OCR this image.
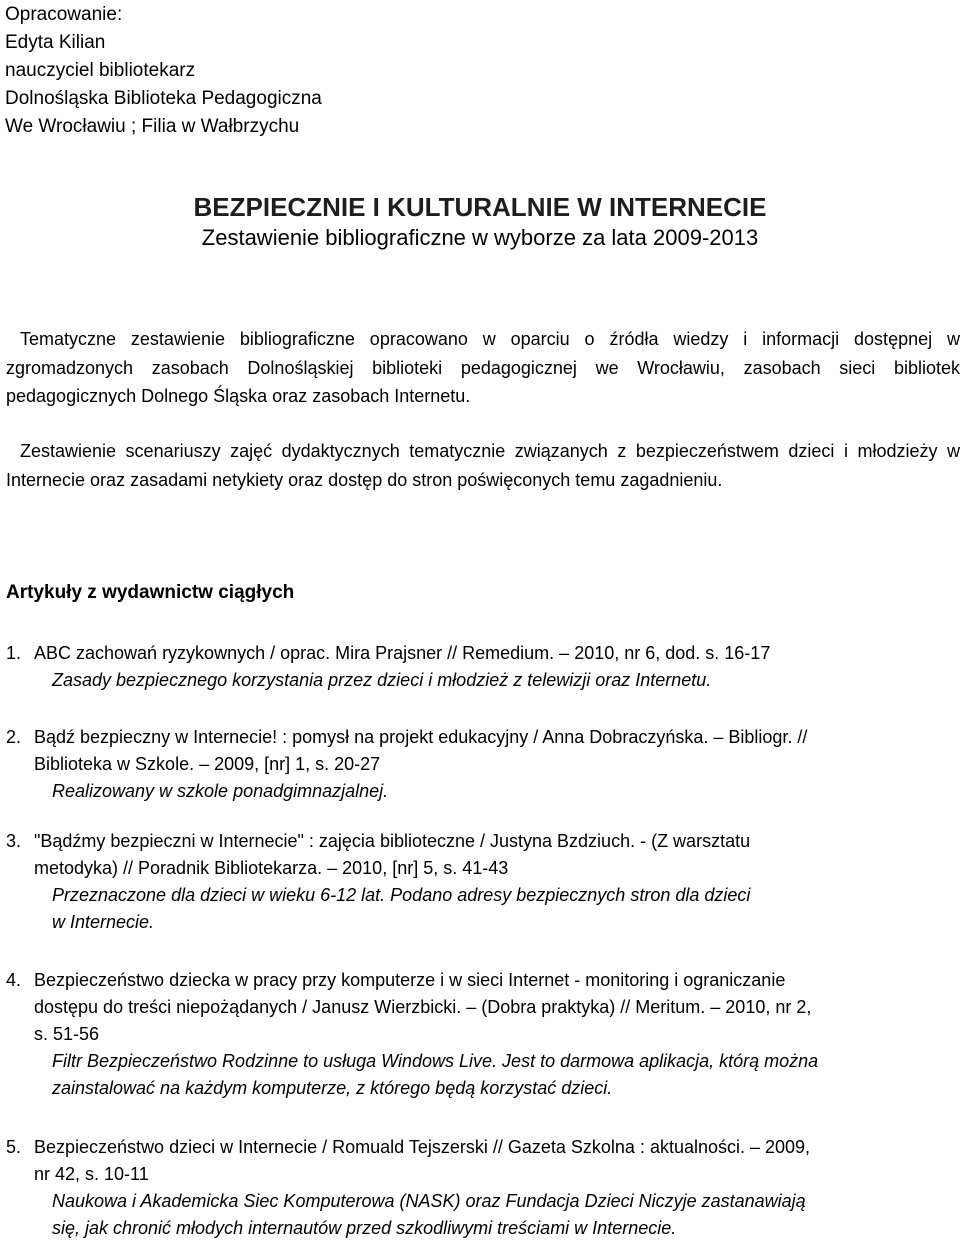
Opracowanie:
Edyta Kilian
nauczyciel bibliotekarz
Dolnośląska Biblioteka Pedagogiczna
We Wrocławiu ; Filia w Wałbrzychu
BEZPIECZNIE I KULTURALNIE W INTERNECIE
Zestawienie bibliograficzne w wyborze za lata 2009-2013
Tematyczne zestawienie bibliograficzne opracowano w oparciu o źródła wiedzy i informacji dostępnej w zgromadzonych zasobach Dolnośląskiej biblioteki pedagogicznej we Wrocławiu, zasobach sieci bibliotek pedagogicznych Dolnego Śląska oraz zasobach Internetu.
Zestawienie scenariuszy zajęć dydaktycznych tematycznie związanych z bezpieczeństwem dzieci i młodzieży w Internecie oraz zasadami netykiety oraz dostęp do stron poświęconych temu zagadnieniu.
Artykuły z wydawnictw ciągłych
1. ABC zachowań ryzykownych / oprac. Mira Prajsner // Remedium. – 2010, nr 6, dod. s. 16-17
Zasady bezpiecznego korzystania przez dzieci i młodzież z telewizji oraz Internetu.
2. Bądź bezpieczny w Internecie! : pomysł na projekt edukacyjny / Anna Dobraczyńska. – Bibliogr. //
Biblioteka w Szkole. – 2009, [nr] 1, s. 20-27
Realizowany w szkole ponadgimnazjalnej.
3. "Bądźmy bezpieczni w Internecie" : zajęcia biblioteczne / Justyna Bzdziuch. - (Z warsztatu
metodyka) // Poradnik Bibliotekarza. – 2010, [nr] 5, s. 41-43
Przeznaczone dla dzieci w wieku 6-12 lat. Podano adresy bezpiecznych stron dla dzieci
w Internecie.
4. Bezpieczeństwo dziecka w pracy przy komputerze i w sieci Internet - monitoring i ograniczanie
dostępu do treści niepożądanych / Janusz Wierzbicki. – (Dobra praktyka) // Meritum. – 2010, nr 2,
s. 51-56
Filtr Bezpieczeństwo Rodzinne to usługa Windows Live. Jest to darmowa aplikacja, którą można
zainstalować na każdym komputerze, z którego będą korzystać dzieci.
5. Bezpieczeństwo dzieci w Internecie / Romuald Tejszerski // Gazeta Szkolna : aktualności. – 2009,
nr 42, s. 10-11
Naukowa i Akademicka Siec Komputerowa (NASK) oraz Fundacja Dzieci Niczyje zastanawiają
się, jak chronić młodych internautów przed szkodliwymi treściami w Internecie.
